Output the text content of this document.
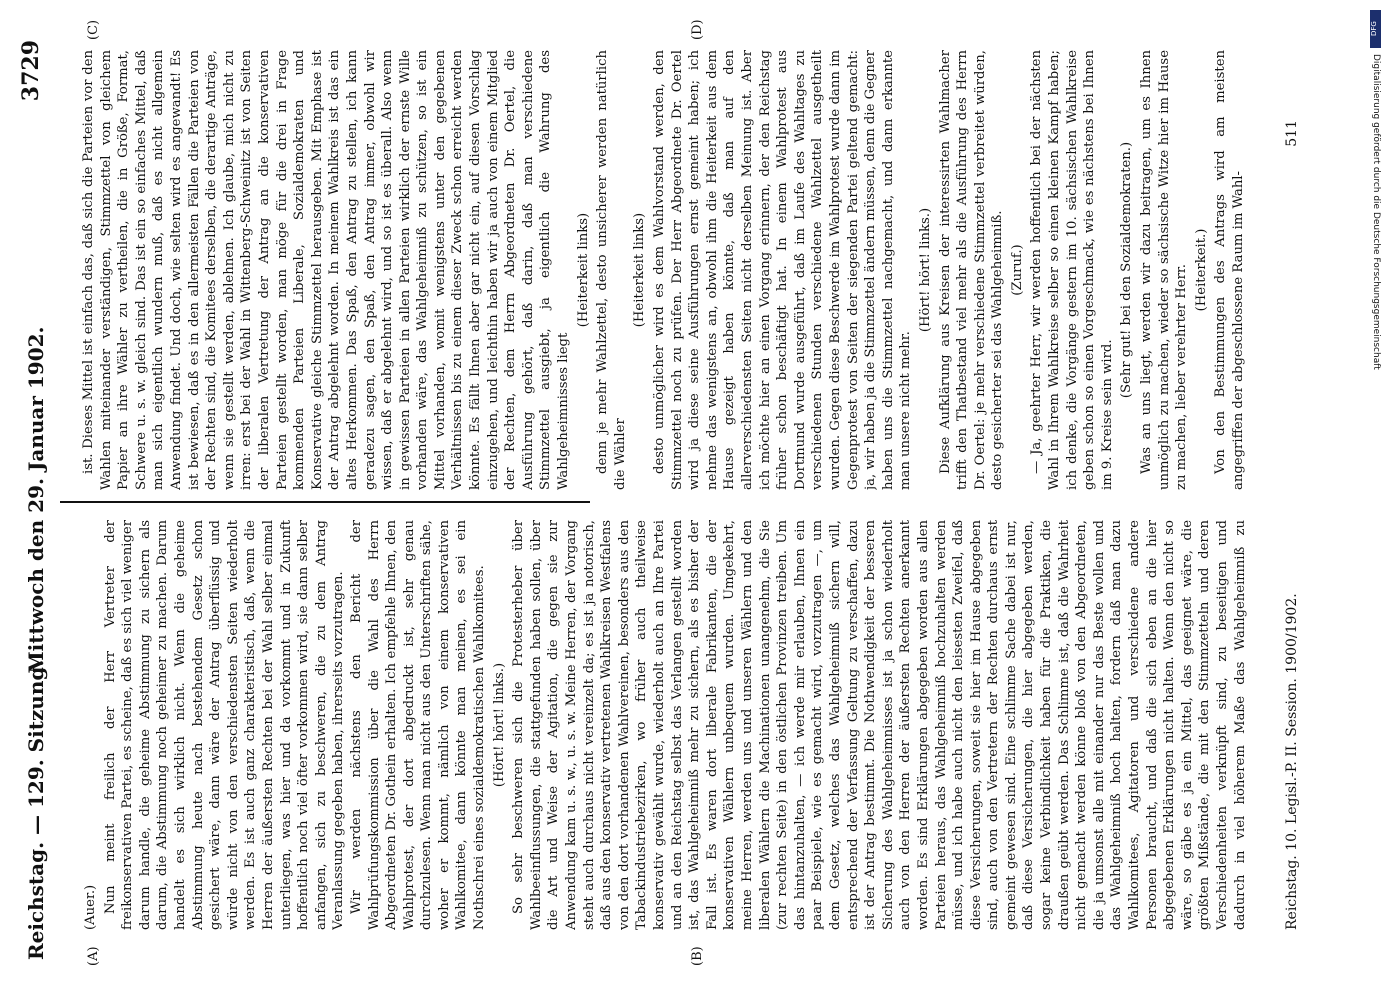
Reichstag. — 129. Sitzung.
Mittwoch den 29. Januar 1902.
3729
(A)	(B)
(C)	(D)

(Auer.) Nun meint freilich der Herr Vertreter der freikonservativen Partei, es scheine, daß es sich viel weniger darum handle, die geheime Abstimmung zu sichern als darum, die Abstimmung noch geheimer zu machen. Darum handelt es sich wirklich nicht. Wenn die geheime Abstimmung heute nach bestehendem Gesetz schon gesichert wäre, dann wäre der Antrag überflüssig und würde nicht von den verschiedensten Seiten wiederholt werden. Es ist auch ganz charakteristisch, daß, wenn die Herren der äußersten Rechten bei der Wahl selber einmal unterliegen, was hier und da vorkommt und in Zukunft hoffentlich noch viel öfter vorkommen wird, sie dann selber anfangen, sich zu beschweren, die zu dem Antrag Veranlassung gegeben haben, ihrerseits vorzutragen. Wir werden nächstens den Bericht der Wahlprüfungskommission über die Wahl des Herrn Abgeordneten Dr. Gothein erhalten. Ich empfehle Ihnen, den Wahlprotest, der dort abgedruckt ist, sehr genau durchzulesen. Wenn man nicht aus den Unterschriften sähe, woher er kommt, nämlich von einem konservativen Wahlkomitee, dann könnte man meinen, es sei ein Nothschrei eines sozialdemokratischen Wahlkomitees. (Hört! hört! links.)

So sehr beschweren sich die Protesterheber über Wahlbeeinflussungen, die stattgefunden haben sollen, über die Art und Weise der Agitation, die gegen sie zur Anwendung kam u. s. w., u. s. w. Meine Herren, der Vorgang steht auch durchaus nicht vereinzelt da; es ist ja notorisch, daß aus den konservativ vertretenen Wahlkreisen Westfalens von den dort vorhandenen Wahlvereinen, besonders aus den Tabackindustriebezirken, wo früher auch theilweise konservativ gewählt wurde, wiederholt auch an Ihre Partei und an den Reichstag selbst das Verlangen gestellt worden ist, das Wahlgeheimniß mehr zu sichern, als es bisher der Fall ist. Es waren dort liberale Fabrikanten, die der konservativen Wählern unbequem wurden. Umgekehrt, meine Herren, werden uns und unseren Wählern und den liberalen Wählern die Machinationen unangenehm, die Sie (zur rechten Seite) in den östlichen Provinzen treiben. Um das hintanzuhalten, — ich werde mir erlauben, Ihnen ein paar Beispiele, wie es gemacht wird, vorzutragen —, um dem Gesetz, welches das Wahlgeheimniß sichern will, entsprechend der Verfassung Geltung zu verschaffen, dazu ist der Antrag bestimmt. Die Nothwendigkeit der besseren Sicherung des Wahlgeheimnisses ist ja schon wiederholt auch von den Herren der äußersten Rechten anerkannt worden. Es sind Erklärungen abgegeben worden aus allen Parteien heraus, das Wahlgeheimniß hochzuhalten werden müsse, und ich habe auch nicht den leisesten Zweifel, daß diese Versicherungen, soweit sie hier im Hause abgegeben sind, auch von den Vertretern der Rechten durchaus ernst gemeint gewesen sind. Eine schlimme Sache dabei ist nur, daß diese Versicherungen, die hier abgegeben werden, sogar keine Verbindlichkeit haben für die Praktiken, die draußen geübt werden. Das Schlimme ist, daß die Wahrheit nicht gemacht werden könne bloß von den Abgeordneten, die ja umsonst alle mit einander nur das Beste wollen und das Wahlgeheimniß hoch halten, fordern daß man dazu Wahlkomitees, Agitatoren und verschiedene andere Personen braucht, und daß die sich eben an die hier abgegebenen Erklärungen nicht halten. Wenn den nicht so wäre, so gäbe es ja ein Mittel, das geeignet wäre, die größten Mißstände, die mit den Stimmzetteln und deren Verschiedenheiten verknüpft sind, zu beseitigen und dadurch in viel höherem Maße das Wahlgeheimniß zu

ist. Dieses Mittel ist einfach das, daß sich die Parteien vor den Wahlen miteinander verständigen, Stimmzettel von gleichem Papier an ihre Wähler zu vertheilen, die in Größe, Format, Schwere u. s. w. gleich sind. Das ist ein so einfaches Mittel, daß man sich eigentlich wundern muß, daß es nicht allgemein Anwendung findet. Und doch, wie selten wird es angewandt! Es ist bewiesen, daß es in den allermeisten Fällen die Parteien von der Rechten sind, die Komitees derselben, die derartige Anträge, wenn sie gestellt werden, ablehnen. Ich glaube, mich nicht zu irren: erst bei der Wahl in Wittenberg-Schweinitz ist von Seiten der liberalen Vertretung der Antrag an die konservativen Parteien gestellt worden, man möge für die drei in Frage kommenden Parteien Liberale, Sozialdemokraten und Konservative gleiche Stimmzettel herausgeben. Mit Emphase ist der Antrag abgelehnt worden. In meinem Wahlkreis ist das ein altes Herkommen. Das Spaß, den Antrag zu stellen, ich kann geradezu sagen, den Spaß, den Antrag immer, obwohl wir wissen, daß er abgelehnt wird, und so ist es überall. Also wenn in gewissen Parteien in allen Parteien wirklich der ernste Wille vorhanden wäre, das Wahlgeheimniß zu schützen, so ist ein Mittel vorhanden, womit wenigstens unter den gegebenen Verhältnissen bis zu einem dieser Zweck schon erreicht werden könnte. Es fällt Ihnen aber gar nicht ein, auf diesen Vorschlag einzugehen, und leichthin haben wir ja auch von einem Mitglied der Rechten, dem Herrn Abgeordneten Dr. Oertel, die Ausführung gehört, daß darin, daß man verschiedene Stimmzettel ausgiebt, ja eigentlich die Wahrung des Wahlgeheimnisses liegt

(Heiterkeit links) denn je mehr Wahlzettel, desto unsicherer werden natürlich die Wähler

(Heiterkeit links) desto unmöglicher wird es dem Wahlvorstand werden, den Stimmzettel noch zu prüfen. Der Herr Abgeordnete Dr. Oertel wird ja diese seine Ausführungen ernst gemeint haben; ich nehme das wenigstens an, obwohl ihm die Heiterkeit aus dem Hause gezeigt haben könnte, daß man auf den allerverschiedensten Seiten nicht derselben Meinung ist. Aber ich möchte hier an einen Vorgang erinnern, der den Reichstag früher schon beschäftigt hat. In einem Wahlprotest aus Dortmund wurde ausgeführt, daß im Laufe des Wahltages zu verschiedenen Stunden verschiedene Wahlzettel ausgetheilt wurden. Gegen diese Beschwerde im Wahlprotest wurde dann im Gegenprotest von Seiten der siegenden Partei geltend gemacht: ja, wir haben ja die Stimmzettel ändern müssen, denn die Gegner haben uns die Stimmzettel nachgemacht, und dann erkannte man unsere nicht mehr.

(Hört! hört! links.) Diese Aufklärung aus Kreisen der interessirten Wahlmacher trifft den Thatbestand viel mehr als die Ausführung des Herrn Dr. Oertel: je mehr verschiedene Stimmzettel verbreitet würden, desto gesicherter sei das Wahlgeheimniß. (Zuruf.) — Ja, geehrter Herr, wir werden hoffentlich bei der nächsten Wahl in Ihrem Wahlkreise selber so einen kleinen Kampf haben; ich denke, die Vorgänge gestern im 10. sächsischen Wahlkreise geben schon so einen Vorgeschmack, wie es nächstens bei Ihnen im 9. Kreise sein wird.

(Sehr gut! bei den Sozialdemokraten.) Was an uns liegt, werden wir dazu beitragen, um es Ihnen unmöglich zu machen, wieder so sächsische Witze hier im Hause zu machen, lieber verehrter Herr. (Heiterkeit.) Von den Bestimmungen des Antrags wird am meisten angegriffen der abgeschlossene Raum im Wahl-

Reichstag. 10. Legisl.-P. II. Session. 1900/1902.
511
DFG
Digitalisierung gefördert durch die Deutsche Forschungsgemeinschaft
